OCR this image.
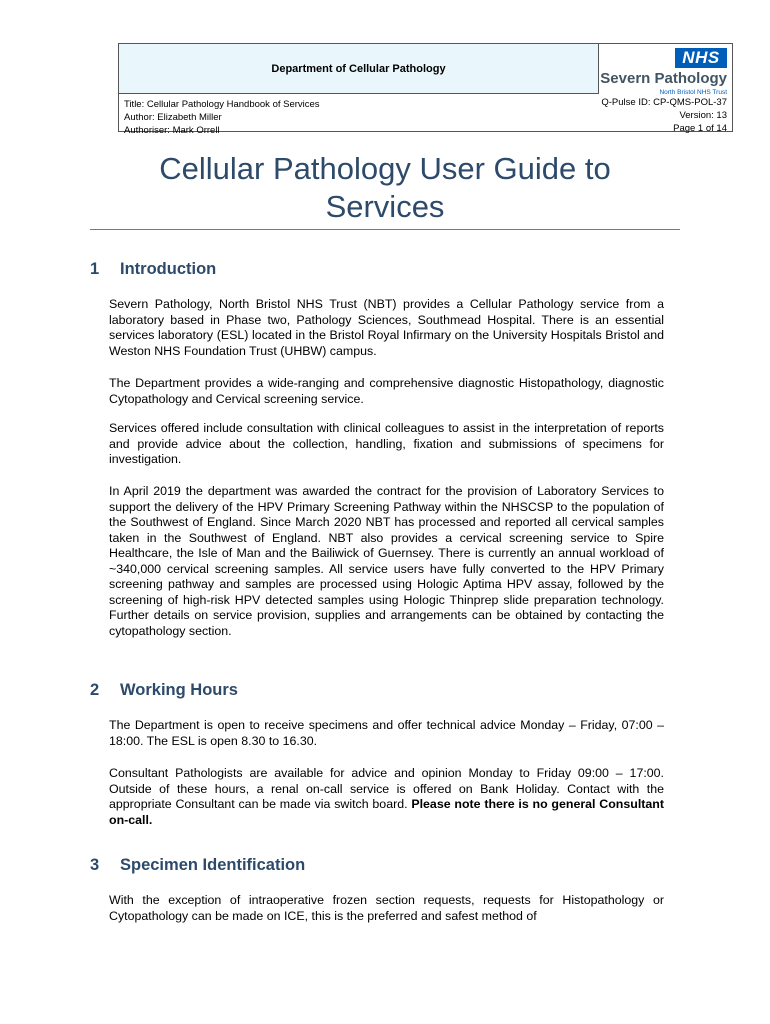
Department of Cellular Pathology
NHS
Severn Pathology
North Bristol NHS Trust
Title: Cellular Pathology Handbook of Services
Author: Elizabeth Miller
Authoriser: Mark Orrell
Q-Pulse ID: CP-QMS-POL-37
Version: 13
Page 1 of 14
Cellular Pathology User Guide to
Services
1 Introduction

Severn Pathology, North Bristol NHS Trust (NBT) provides a Cellular Pathology service from a laboratory based in Phase two, Pathology Sciences, Southmead Hospital. There is an essential services laboratory (ESL) located in the Bristol Royal Infirmary on the University Hospitals Bristol and Weston NHS Foundation Trust (UHBW) campus.

The Department provides a wide-ranging and comprehensive diagnostic Histopathology, diagnostic Cytopathology and Cervical screening service.

Services offered include consultation with clinical colleagues to assist in the interpretation of reports and provide advice about the collection, handling, fixation and submissions of specimens for investigation.

In April 2019 the department was awarded the contract for the provision of Laboratory Services to support the delivery of the HPV Primary Screening Pathway within the NHSCSP to the population of the Southwest of England. Since March 2020 NBT has processed and reported all cervical samples taken in the Southwest of England. NBT also provides a cervical screening service to Spire Healthcare, the Isle of Man and the Bailiwick of Guernsey. There is currently an annual workload of ~340,000 cervical screening samples. All service users have fully converted to the HPV Primary screening pathway and samples are processed using Hologic Aptima HPV assay, followed by the screening of high-risk HPV detected samples using Hologic Thinprep slide preparation technology. Further details on service provision, supplies and arrangements can be obtained by contacting the cytopathology section.

2 Working Hours

The Department is open to receive specimens and offer technical advice Monday – Friday, 07:00 –18:00. The ESL is open 8.30 to 16.30.

Consultant Pathologists are available for advice and opinion Monday to Friday 09:00 – 17:00. Outside of these hours, a renal on-call service is offered on Bank Holiday. Contact with the appropriate Consultant can be made via switch board. Please note there is no general Consultant on-call.

3 Specimen Identification

With the exception of intraoperative frozen section requests, requests for Histopathology or Cytopathology can be made on ICE, this is the preferred and safest method of
